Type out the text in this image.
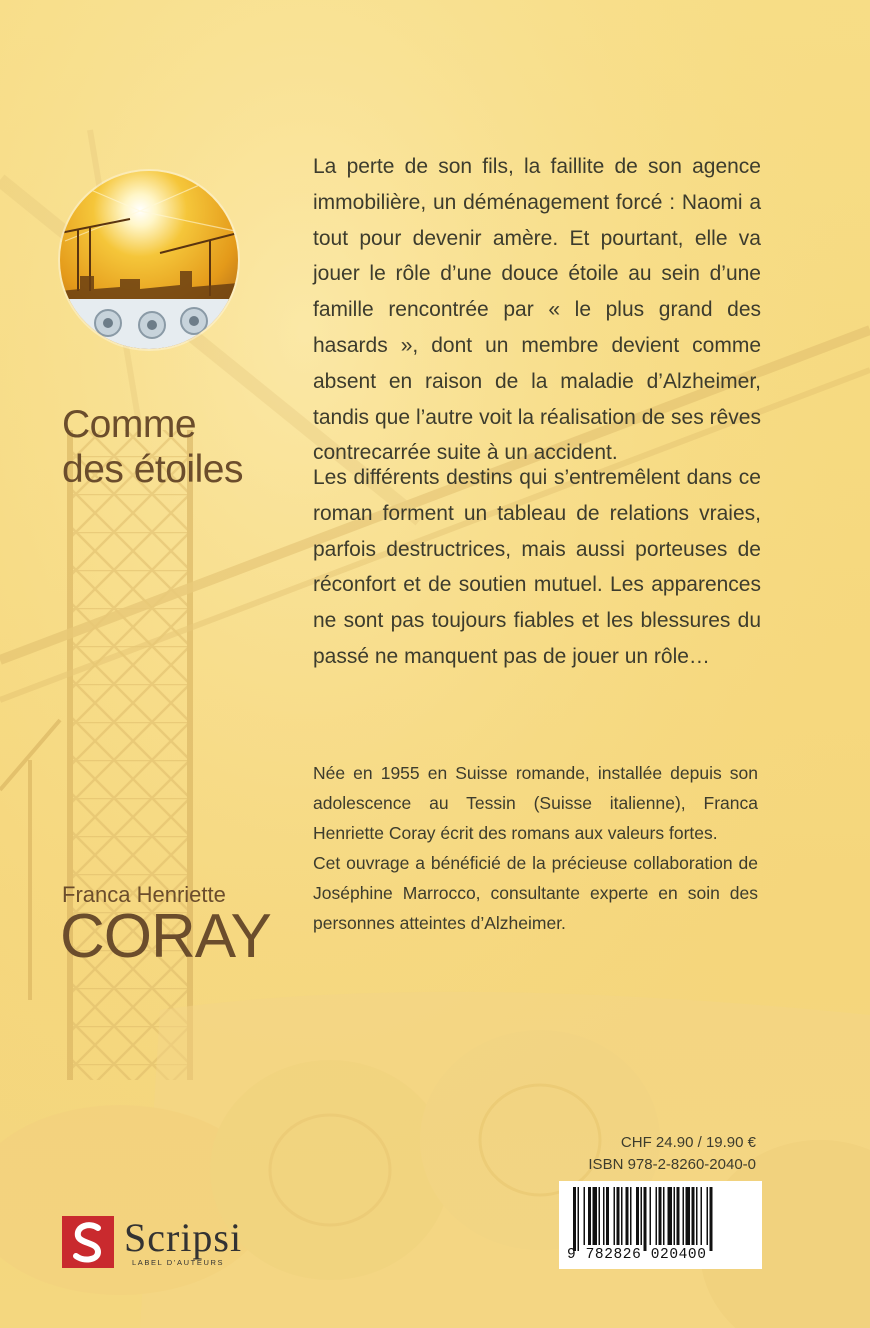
Comme
des étoiles
Franca Henriette
CORAY

La perte de son fils, la faillite de son agence immobilière, un déménagement forcé : Naomi a tout pour devenir amère. Et pourtant, elle va jouer le rôle d’une douce étoile au sein d’une famille rencontrée par « le plus grand des hasards », dont un membre devient comme absent en raison de la maladie d’Alzheimer, tandis que l’autre voit la réalisation de ses rêves contrecarrée suite à un accident.

Les différents destins qui s’entremêlent dans ce roman forment un tableau de relations vraies, parfois destructrices, mais aussi porteuses de réconfort et de soutien mutuel. Les apparences ne sont pas toujours fiables et les blessures du passé ne manquent pas de jouer un rôle…

Née en 1955 en Suisse romande, installée depuis son adolescence au Tessin (Suisse italienne), Franca Henriette Coray écrit des romans aux valeurs fortes.

Cet ouvrage a bénéficié de la précieuse collaboration de Joséphine Marrocco, consultante experte en soin des personnes atteintes d’Alzheimer.

CHF 24.90 / 19.90 €
ISBN 978-2-8260-2040-0
9 782826 020400
Scripsi
LABEL D’AUTEURS
